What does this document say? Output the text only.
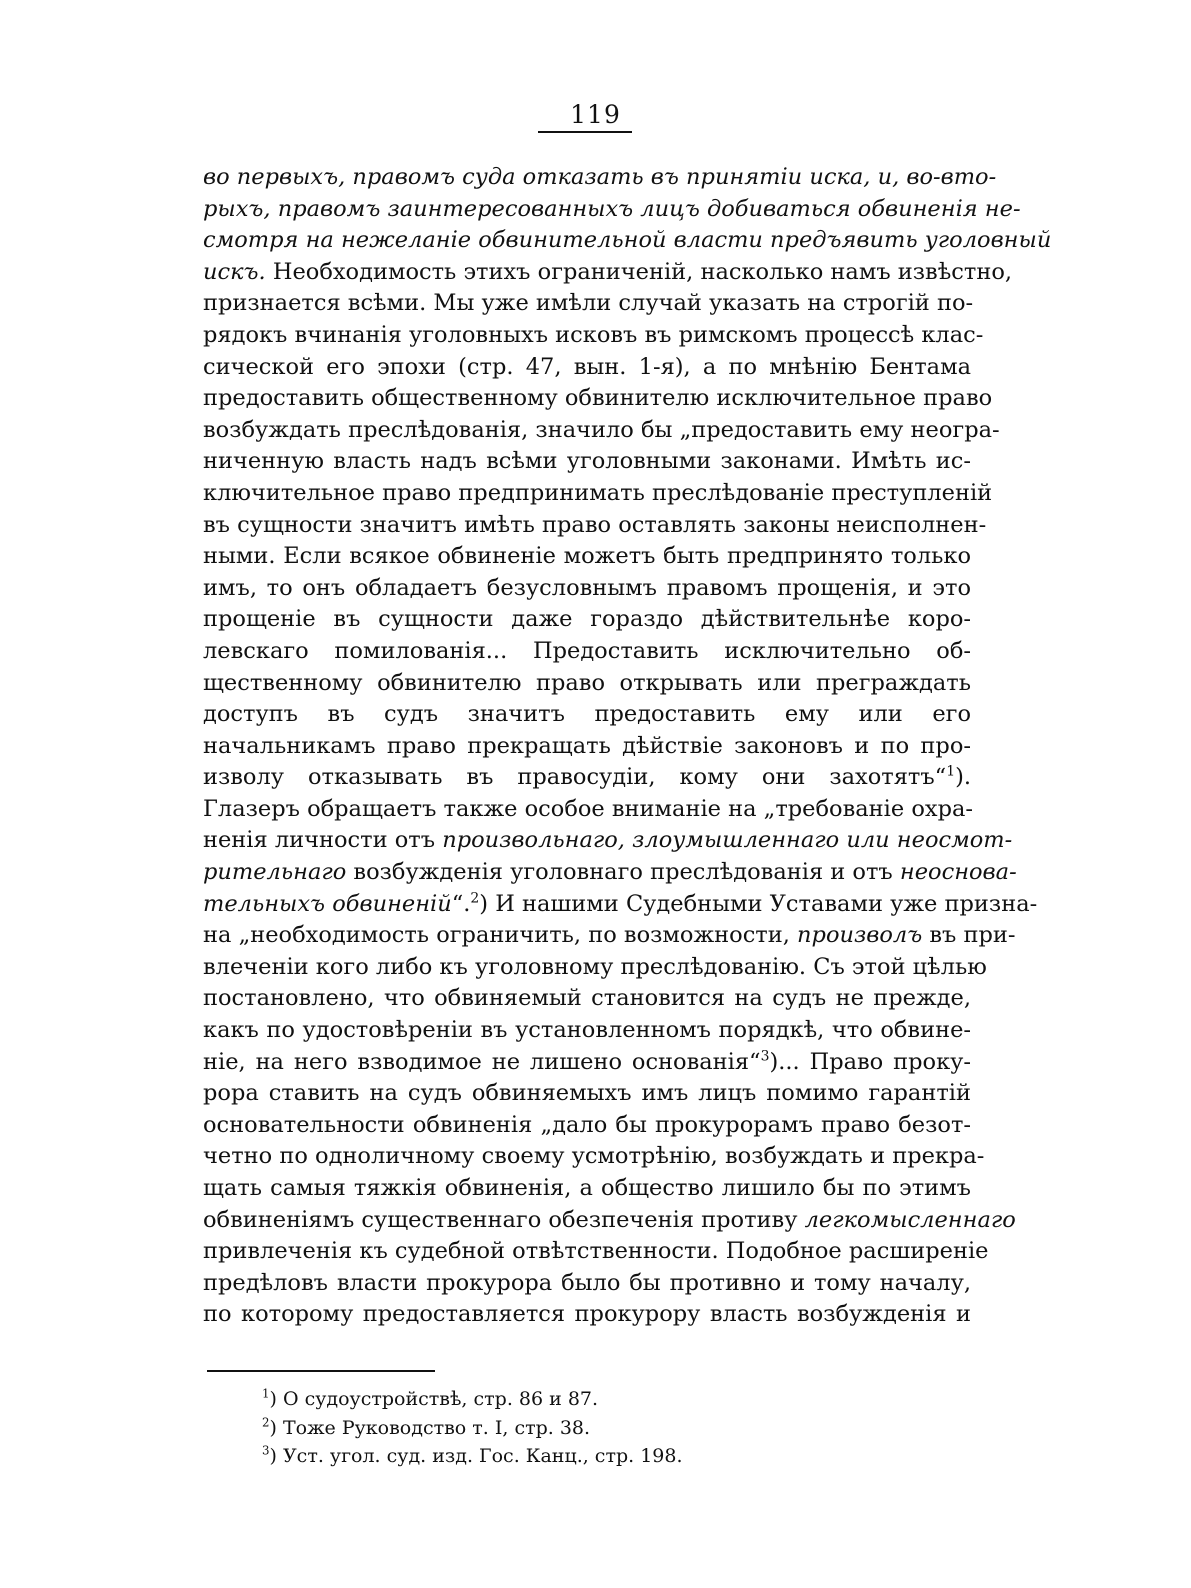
119
во первыхъ, правомъ суда отказать въ принятіи иска, и, во-вто-
рыхъ, правомъ заинтересованныхъ лицъ добиваться обвиненія не-
смотря на нежеланіе обвинительной власти предъявить уголовный
искъ. Необходимость этихъ ограниченій, насколько намъ извѣстно,
признается всѣми. Мы уже имѣли случай указать на строгій по-
рядокъ вчинанія уголовныхъ исковъ въ римскомъ процессѣ клас-
сической его эпохи (стр. 47, вын. 1-я), а по мнѣнію Бентама
предоставить общественному обвинителю исключительное право
возбуждать преслѣдованія, значило бы „предоставить ему неогра-
ниченную власть надъ всѣми уголовными законами. Имѣть ис-
ключительное право предпринимать преслѣдованіе преступленій
въ сущности значитъ имѣть право оставлять законы неисполнен-
ными. Если всякое обвиненіе можетъ быть предпринято только
имъ, то онъ обладаетъ безусловнымъ правомъ прощенія, и это
прощеніе въ сущности даже гораздо дѣйствительнѣе коро-
левскаго помилованія... Предоставить исключительно об-
щественному обвинителю право открывать или преграждать
доступъ въ судъ значитъ предоставить ему или его
начальникамъ право прекращать дѣйствіе законовъ и по про-
изволу отказывать въ правосудіи, кому они захотятъ“$^1$).
Глазеръ обращаетъ также особое вниманіе на „требованіе охра-
ненія личности отъ произвольнаго, злоумышленнаго или неосмот-
рительнаго возбужденія уголовнаго преслѣдованія и отъ неоснова-
тельныхъ обвиненій“.$^2$) И нашими Судебными Уставами уже призна-
на „необходимость ограничить, по возможности, произволъ въ при-
влеченіи кого либо къ уголовному преслѣдованію. Съ этой цѣлью
постановлено, что обвиняемый становится на судъ не прежде,
какъ по удостовѣреніи въ установленномъ порядкѣ, что обвине-
ніе, на него взводимое не лишено основанія“$^3$)... Право проку-
рора ставить на судъ обвиняемыхъ имъ лицъ помимо гарантій
основательности обвиненія „дало бы прокурорамъ право безот-
четно по одноличному своему усмотрѣнію, возбуждать и прекра-
щать самыя тяжкія обвиненія, а общество лишило бы по этимъ
обвиненіямъ существеннаго обезпеченія противу легкомысленнаго
привлеченія къ судебной отвѣтственности. Подобное расширеніе
предѣловъ власти прокурора было бы противно и тому началу,
по которому предоставляется прокурору власть возбужденія и
$^1$) О судоустройствѣ, стр. 86 и 87.
$^2$) Тоже Руководство т. I, стр. 38.
$^3$) Уст. угол. суд. изд. Гос. Канц., стр. 198.
